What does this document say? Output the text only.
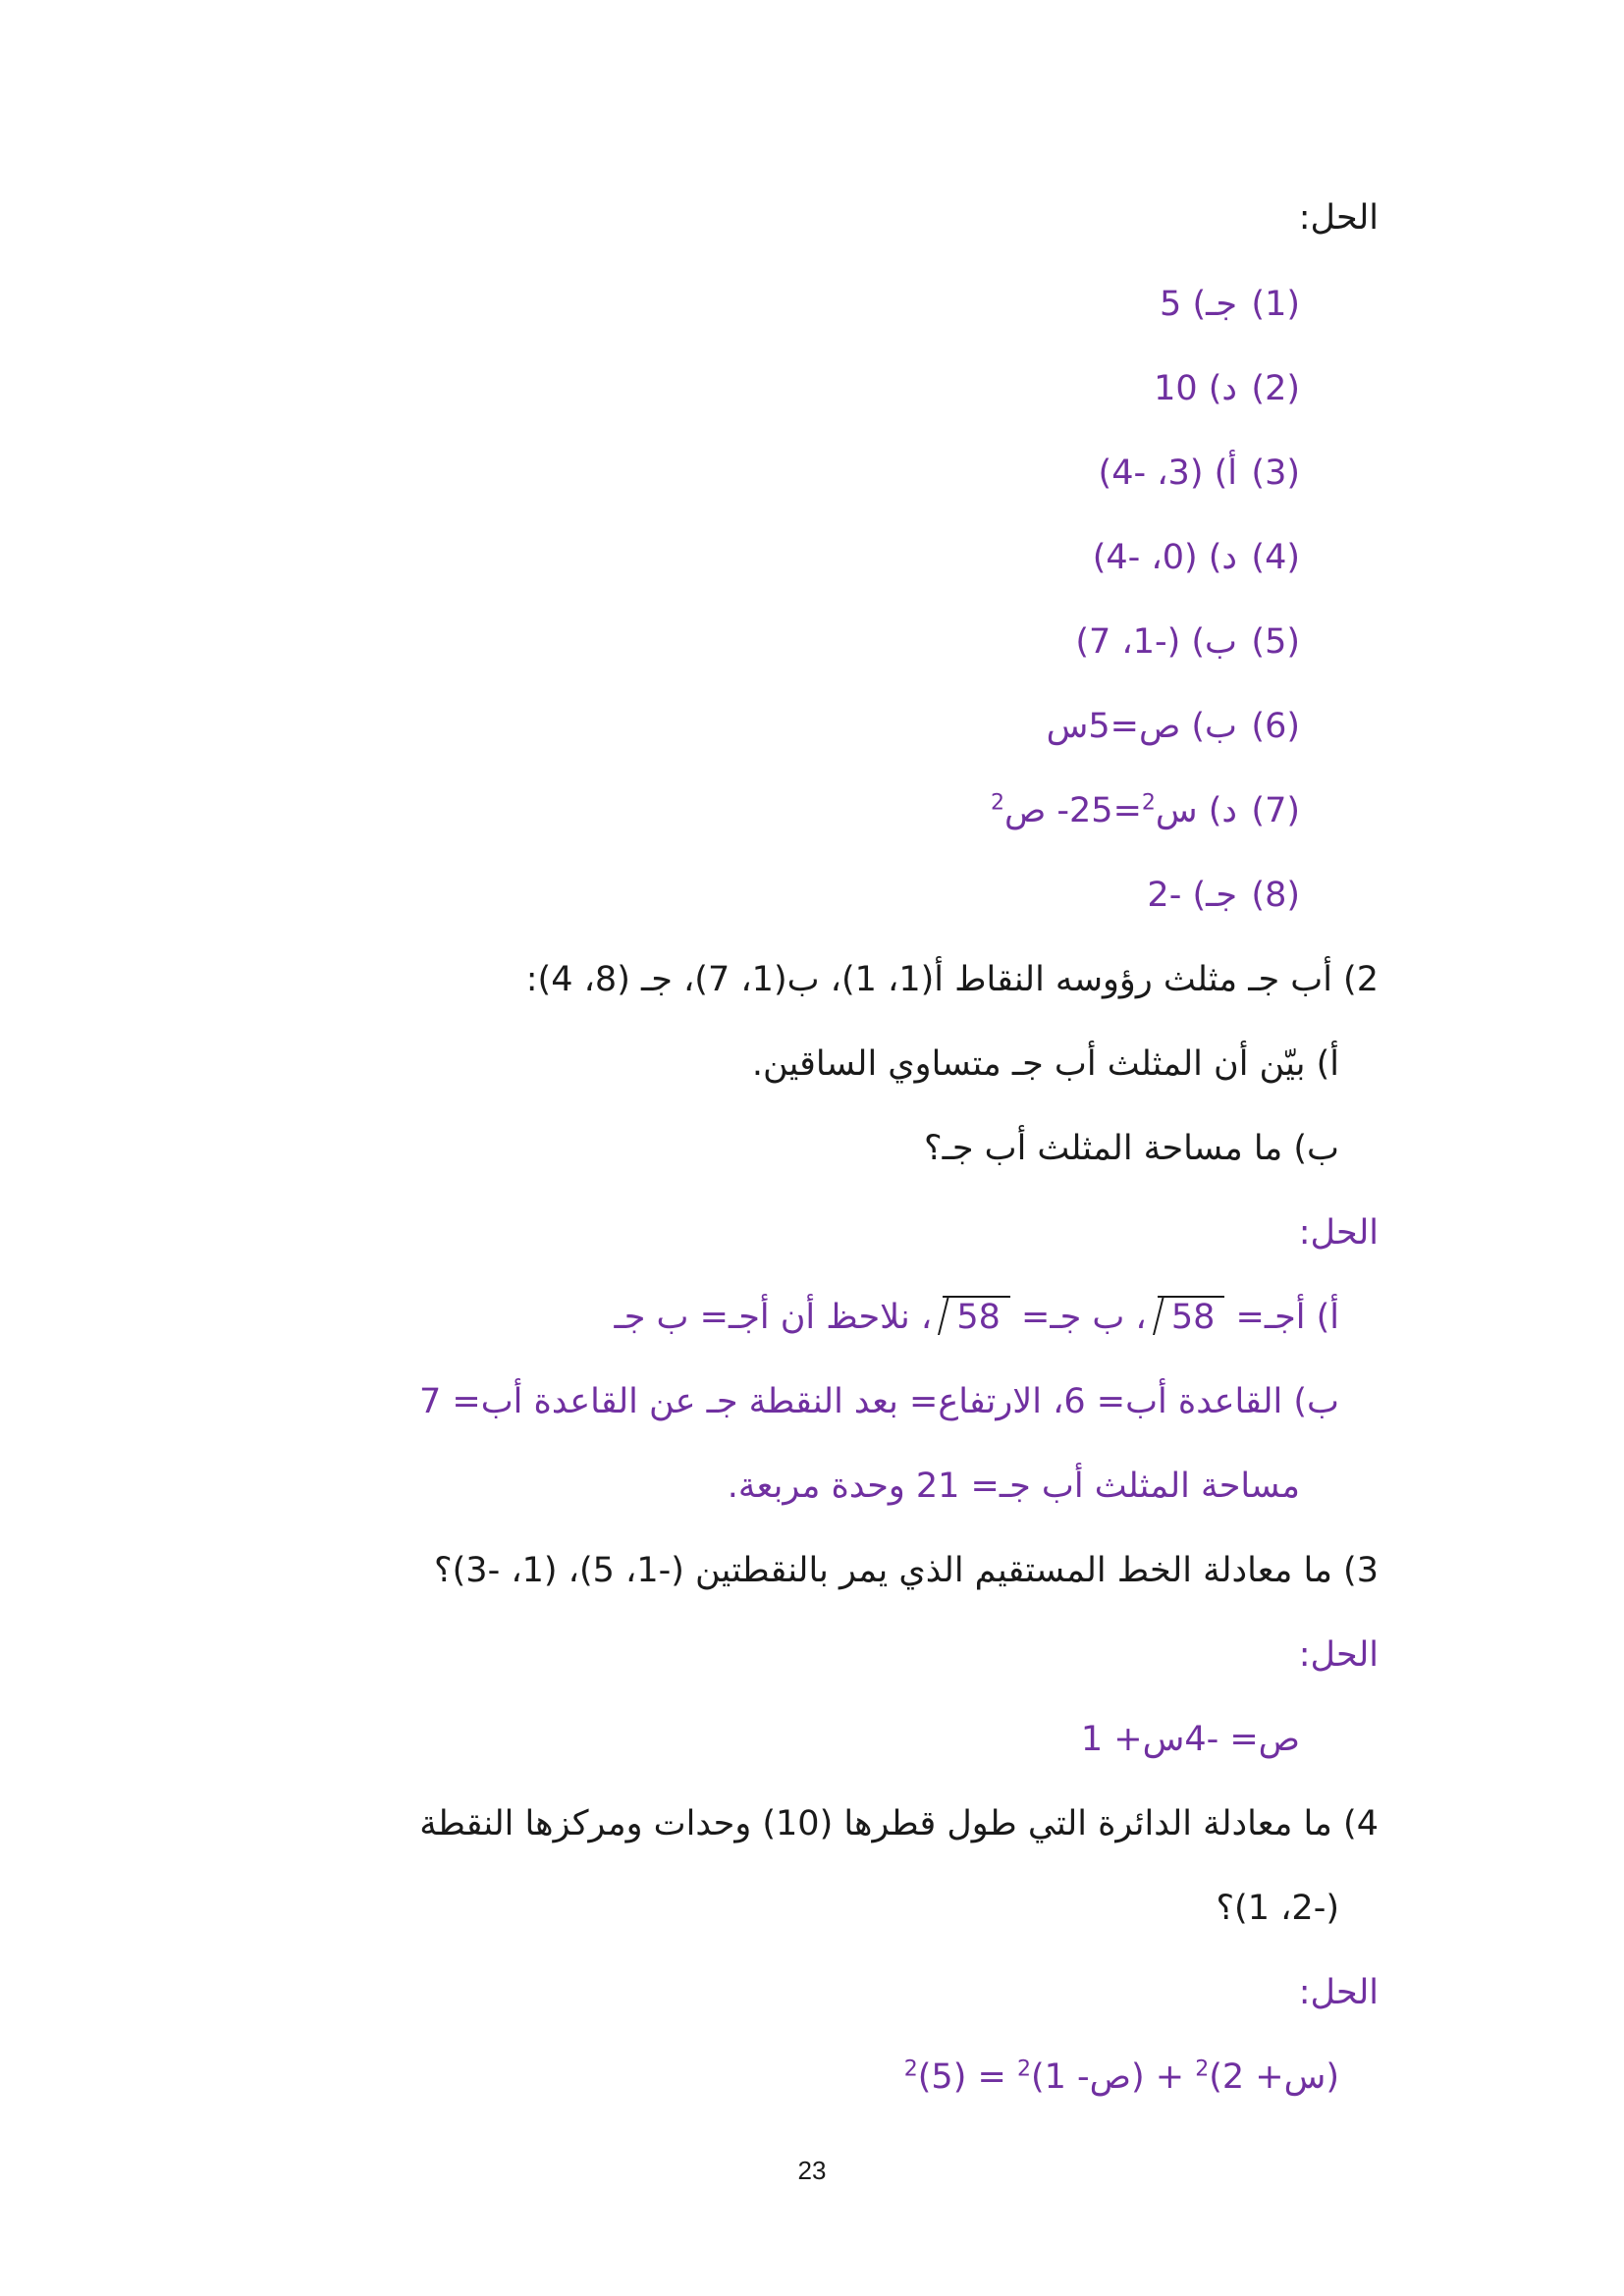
الحل:
(1)جـ) 5
(2)د) 10
(3)أ) (3، -4)
(4)د) (0، -4)
(5)ب) (-1، 7)
(6)ب) ص=5س
(7)د) س$^2$=25- ص$^2$
(8)جـ) -2
2) أب جـ مثلث رؤوسه النقاط أ(1، 1)، ب(1، 7)، جـ (8، 4):
أ) بيّن أن المثلث أب جـ متساوي الساقين.
ب) ما مساحة المثلث أب جـ؟
الحل:
أ) أجـ= 58 ، ب جـ= 58 ، نلاحظ أن أجـ= ب جـ
ب) القاعدة أب= 6، الارتفاع= بعد النقطة جـ عن القاعدة أب= 7
مساحة المثلث أب جـ= 21 وحدة مربعة.
3) ما معادلة الخط المستقيم الذي يمر بالنقطتين (-1، 5)، (1، -3)؟
الحل:
ص= -4س+ 1
4) ما معادلة الدائرة التي طول قطرها (10) وحدات ومركزها النقطة
(-2، 1)؟
الحل:
(س+ 2)$^2$ + (ص- $1)^2 = (5)^2$
23
